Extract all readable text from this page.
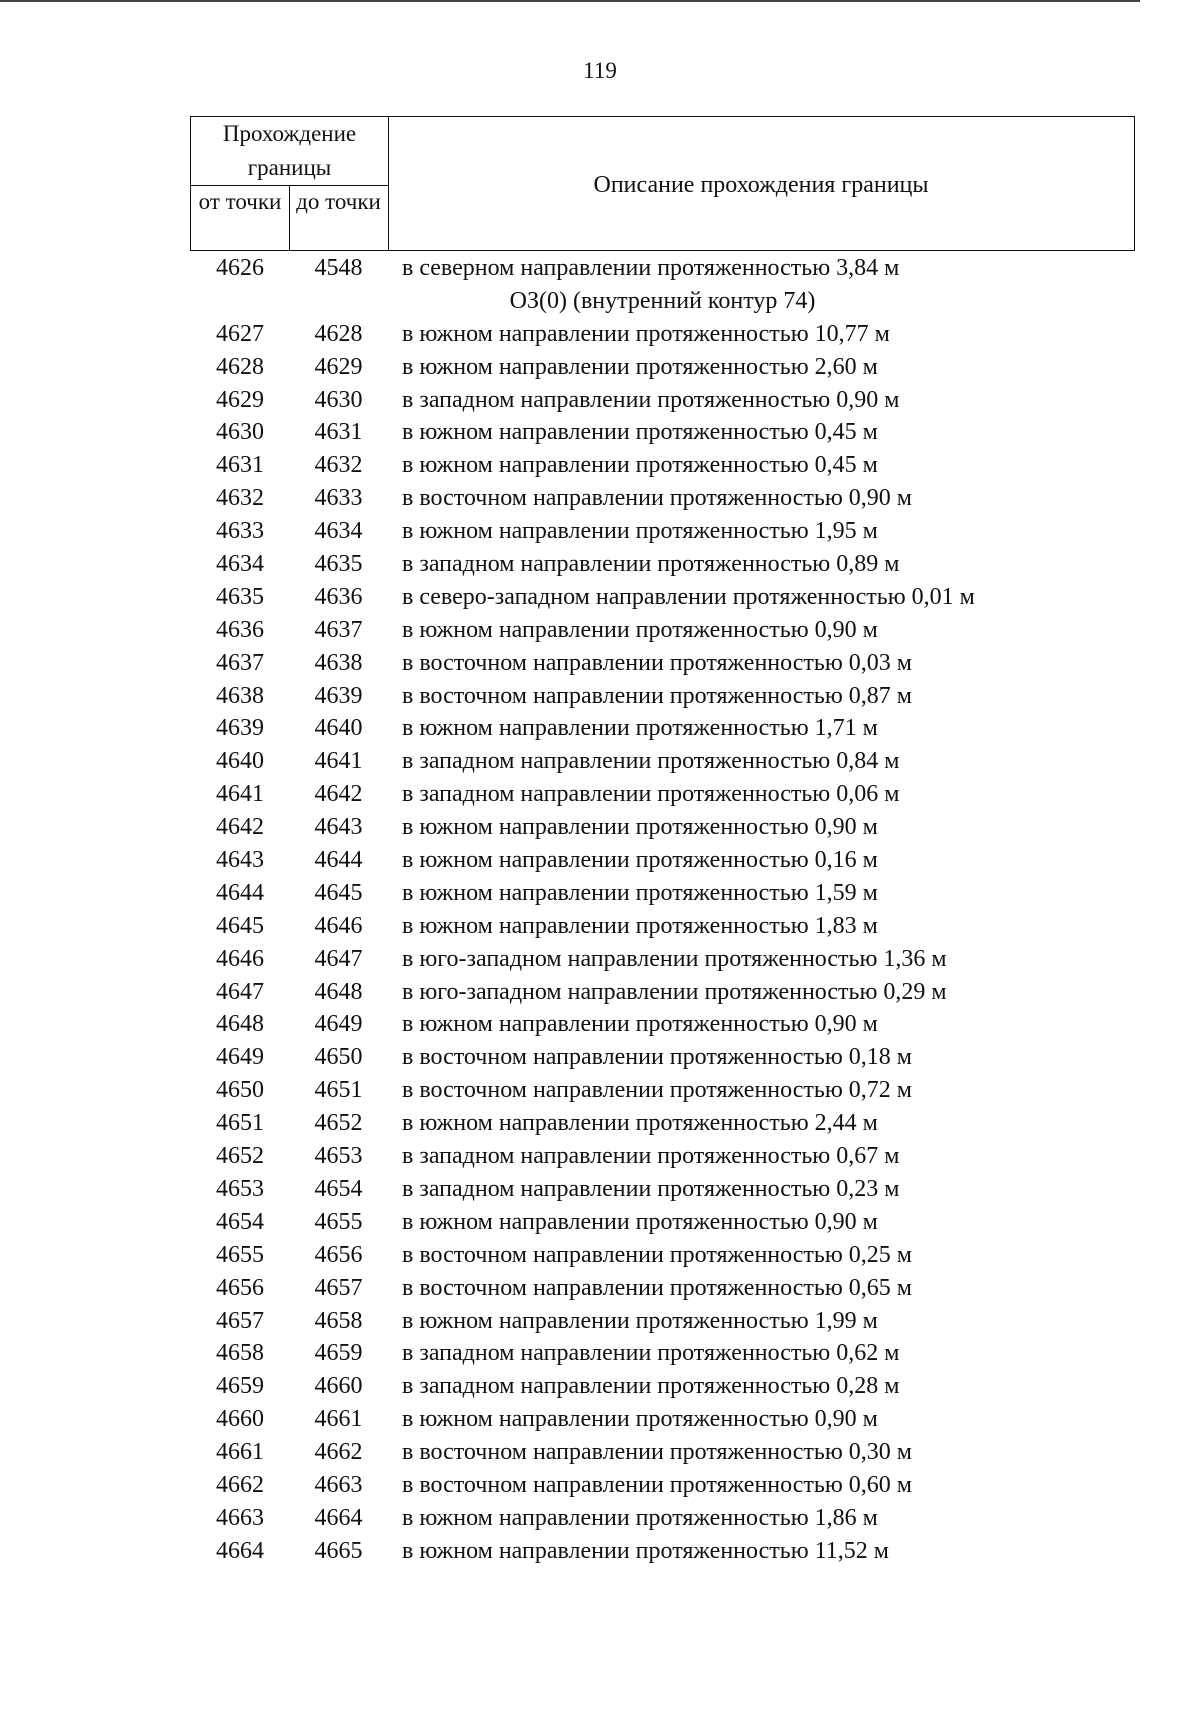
119
Прохождение границы
от точки до точки
Описание прохождения границы
4626	4548	в северном направлении протяженностью 3,84 м
ОЗ(0) (внутренний контур 74)
4627	4628	в южном направлении протяженностью 10,77 м
4628	4629	в южном направлении протяженностью 2,60 м
4629	4630	в западном направлении протяженностью 0,90 м
4630	4631	в южном направлении протяженностью 0,45 м
4631	4632	в южном направлении протяженностью 0,45 м
4632	4633	в восточном направлении протяженностью 0,90 м
4633	4634	в южном направлении протяженностью 1,95 м
4634	4635	в западном направлении протяженностью 0,89 м
4635	4636	в северо-западном направлении протяженностью 0,01 м
4636	4637	в южном направлении протяженностью 0,90 м
4637	4638	в восточном направлении протяженностью 0,03 м
4638	4639	в восточном направлении протяженностью 0,87 м
4639	4640	в южном направлении протяженностью 1,71 м
4640	4641	в западном направлении протяженностью 0,84 м
4641	4642	в западном направлении протяженностью 0,06 м
4642	4643	в южном направлении протяженностью 0,90 м
4643	4644	в южном направлении протяженностью 0,16 м
4644	4645	в южном направлении протяженностью 1,59 м
4645	4646	в южном направлении протяженностью 1,83 м
4646	4647	в юго-западном направлении протяженностью 1,36 м
4647	4648	в юго-западном направлении протяженностью 0,29 м
4648	4649	в южном направлении протяженностью 0,90 м
4649	4650	в восточном направлении протяженностью 0,18 м
4650	4651	в восточном направлении протяженностью 0,72 м
4651	4652	в южном направлении протяженностью 2,44 м
4652	4653	в западном направлении протяженностью 0,67 м
4653	4654	в западном направлении протяженностью 0,23 м
4654	4655	в южном направлении протяженностью 0,90 м
4655	4656	в восточном направлении протяженностью 0,25 м
4656	4657	в восточном направлении протяженностью 0,65 м
4657	4658	в южном направлении протяженностью 1,99 м
4658	4659	в западном направлении протяженностью 0,62 м
4659	4660	в западном направлении протяженностью 0,28 м
4660	4661	в южном направлении протяженностью 0,90 м
4661	4662	в восточном направлении протяженностью 0,30 м
4662	4663	в восточном направлении протяженностью 0,60 м
4663	4664	в южном направлении протяженностью 1,86 м
4664	4665	в южном направлении протяженностью 11,52 м
